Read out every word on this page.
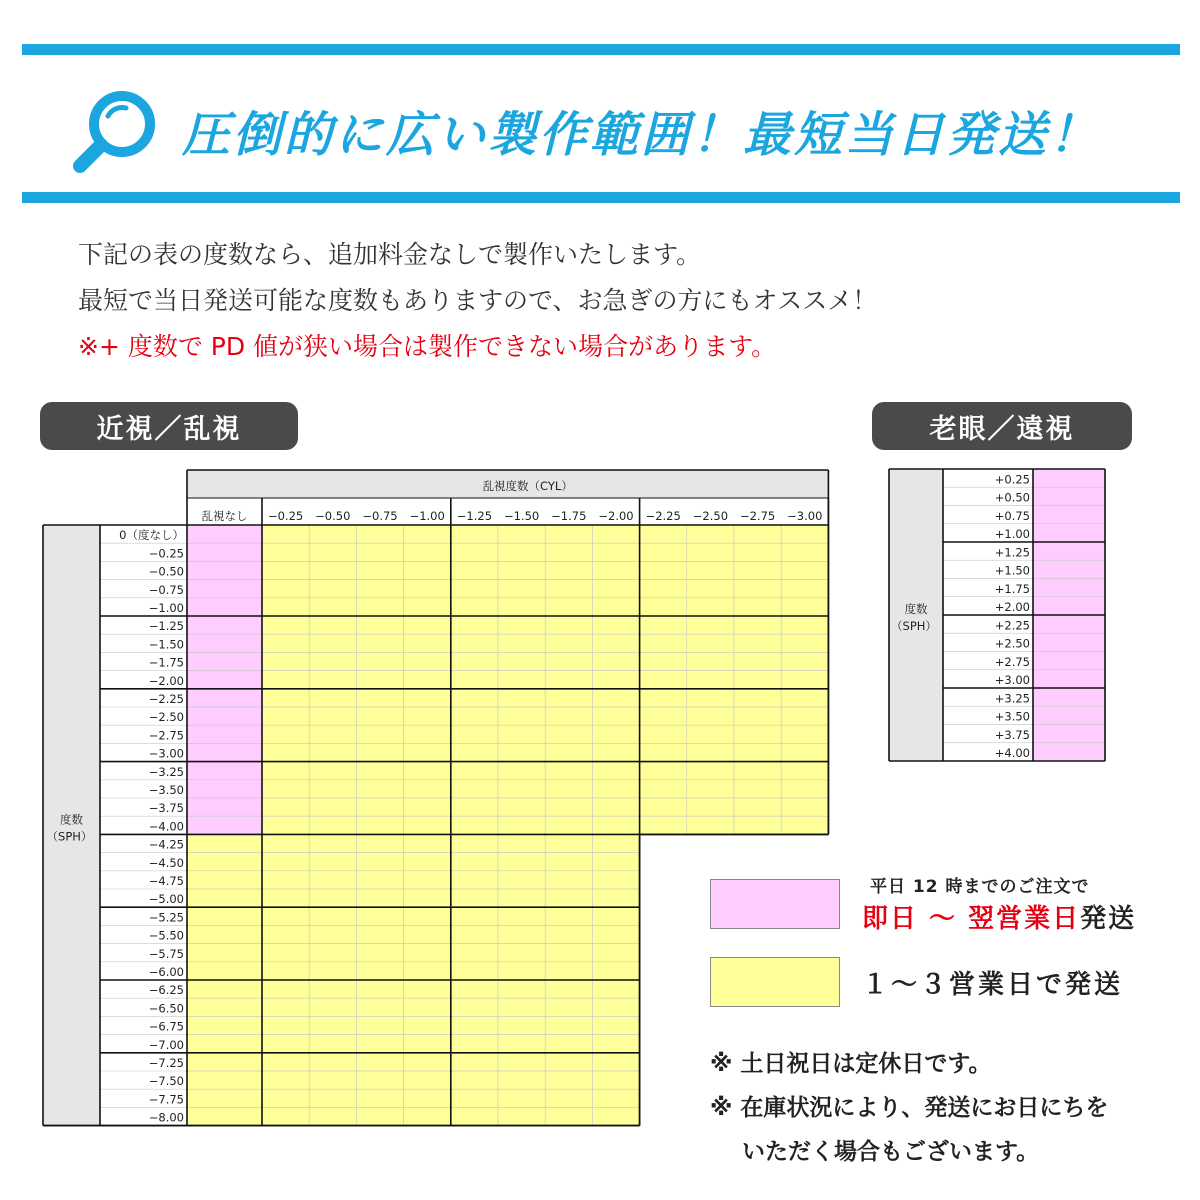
圧倒的に広い製作範囲！最短当日発送！
下記の表の度数なら、追加料金なしで製作いたします。
最短で当日発送可能な度数もありますので、お急ぎの方にもオススメ！
※+ 度数で PD 値が狭い場合は製作できない場合があります。
近視／乱視	老眼／遠視
乱視度数（CYL）
乱視なし −0.25 −0.50 −0.75 −1.00 −1.25 −1.50 −1.75 −2.00 −2.25 −2.50 −2.75 −3.00
度数
（SPH）
0（度なし）
−0.25
−0.50
−0.75
−1.00
−1.25
−1.50
−1.75
−2.00
−2.25
−2.50
−2.75
−3.00
−3.25
−3.50
−3.75
−4.00
−4.25
−4.50
−4.75
−5.00
−5.25
−5.50
−5.75
−6.00
−6.25
−6.50
−6.75
−7.00
−7.25
−7.50
−7.75
−8.00
度数
（SPH）
+0.25
+0.50
+0.75
+1.00
+1.25
+1.50
+1.75
+2.00
+2.25
+2.50
+2.75
+3.00
+3.25
+3.50
+3.75
+4.00
平日 12 時までのご注文で
即日 ～ 翌営業日発送
１～３営業日で発送
※ 土日祝日は定休日です。
※ 在庫状況により、発送にお日にちを
いただく場合もございます。
